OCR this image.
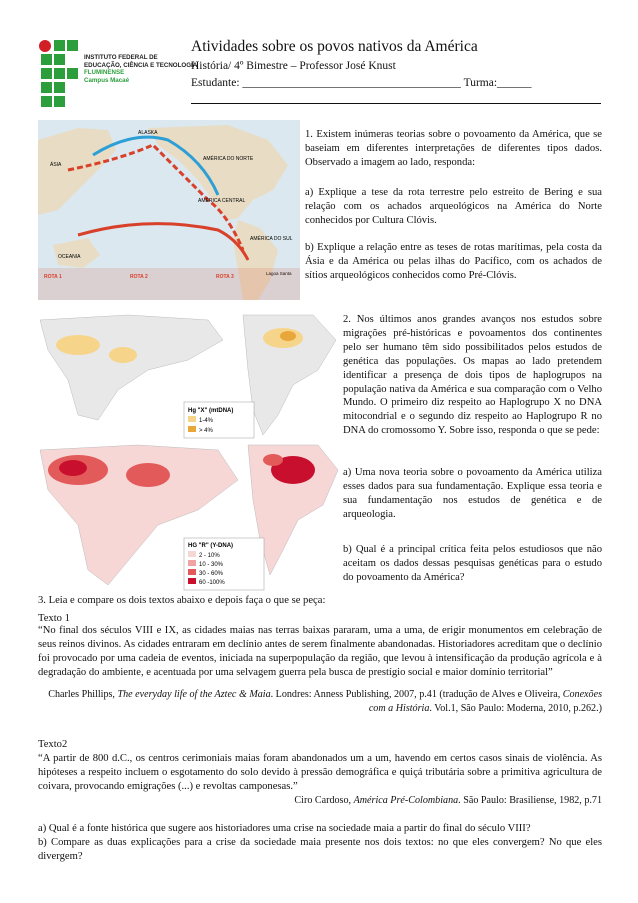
INSTITUTO FEDERAL DE
EDUCAÇÃO, CIÊNCIA E TECNOLOGIA
FLUMINENSE
Campus Macaé
Atividades sobre os povos nativos da América
História/ 4º Bimestre – Professor José Knust
Estudante: ______________________________________ Turma:______
ÁSIA
ALASKA
AMÉRICA DO NORTE
AMÉRICA CENTRAL
AMÉRICA DO SUL
OCEANIA
Lagoa Santa
ROTA 1	ROTA 2	ROTA 3
1. Existem inúmeras teorias sobre o povoamento da América, que se baseiam em diferentes interpretações de diferentes tipos dados. Observado a imagem ao lado, responda:
a) Explique a tese da rota terrestre pelo estreito de Bering e sua relação com os achados arqueológicos na América do Norte conhecidos por Cultura Clóvis.
b) Explique a relação entre as teses de rotas marítimas, pela costa da Ásia e da América ou pelas ilhas do Pacífico, com os achados de sítios arqueológicos conhecidos como Pré-Clóvis.
Hg "X" (mtDNA)
1-4%
> 4%
HG "R" (Y-DNA)
2 - 10%
10 - 30%
30 - 60%
60 -100%
2. Nos últimos anos grandes avanços nos estudos sobre migrações pré-históricas e povoamentos dos continentes pelo ser humano têm sido possibilitados pelos estudos de genética das populações. Os mapas ao lado pretendem identificar a presença de dois tipos de haplogrupos na população nativa da América e sua comparação com o Velho Mundo. O primeiro diz respeito ao Haplogrupo X no DNA mitocondrial e o segundo diz respeito ao Haplogrupo R no DNA do cromossomo Y. Sobre isso, responda o que se pede:
a) Uma nova teoria sobre o povoamento da América utiliza esses dados para sua fundamentação. Explique essa teoria e sua fundamentação nos estudos de genética e de arqueologia.
b) Qual é a principal crítica feita pelos estudiosos que não aceitam os dados dessas pesquisas genéticas para o estudo do povoamento da América?
3. Leia e compare os dois textos abaixo e depois faça o que se peça:
Texto 1
“No final dos séculos VIII e IX, as cidades maias nas terras baixas pararam, uma a uma, de erigir monumentos em celebração de seus reinos divinos. As cidades entraram em declínio antes de serem finalmente abandonadas. Historiadores acreditam que o declínio foi provocado por uma cadeia de eventos, iniciada na superpopulação da região, que levou à intensificação da produção agrícola e à degradação do ambiente, e acentuada por uma selvagem guerra pela busca de prestígio social e maior domínio territorial”
Charles Phillips, The everyday life of the Aztec & Maia. Londres: Anness Publishing, 2007, p.41 (tradução de Alves e Oliveira, Conexões com a História. Vol.1, São Paulo: Moderna, 2010, p.262.)
Texto2
“A partir de 800 d.C., os centros cerimoniais maias foram abandonados um a um, havendo em certos casos sinais de violência. As hipóteses a respeito incluem o esgotamento do solo devido à pressão demográfica e quiçá tributária sobre a primitiva agricultura de coivara, provocando emigrações (...) e revoltas camponesas.”
Ciro Cardoso, América Pré-Colombiana. São Paulo: Brasiliense, 1982, p.71
a) Qual é a fonte histórica que sugere aos historiadores uma crise na sociedade maia a partir do final do século VIII?
b) Compare as duas explicações para a crise da sociedade maia presente nos dois textos: no que eles convergem? No que eles divergem?
